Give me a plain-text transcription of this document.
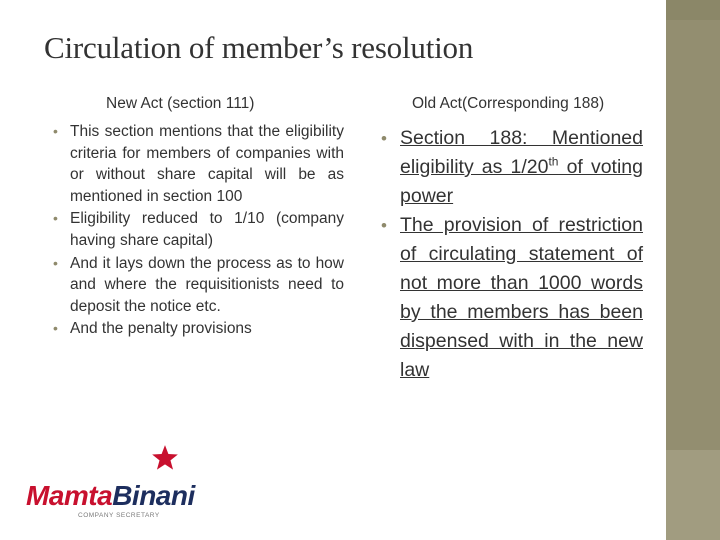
Circulation of member’s resolution
New Act (section 111)	Old Act(Corresponding 188)
• This section mentions that the eligibility criteria for members of companies with or without share capital will be as mentioned in section 100
• Eligibility reduced to 1/10 (company having share capital)
• And it lays down the process as to how and where the requisitionists need to deposit the notice etc.
• And the penalty provisions
• Section 188: Mentioned eligibility as 1/20th of voting power
• The provision of restriction of circulating statement of not more than 1000 words by the members has been dispensed with in the new law
MamtaBinani
COMPANY SECRETARY
